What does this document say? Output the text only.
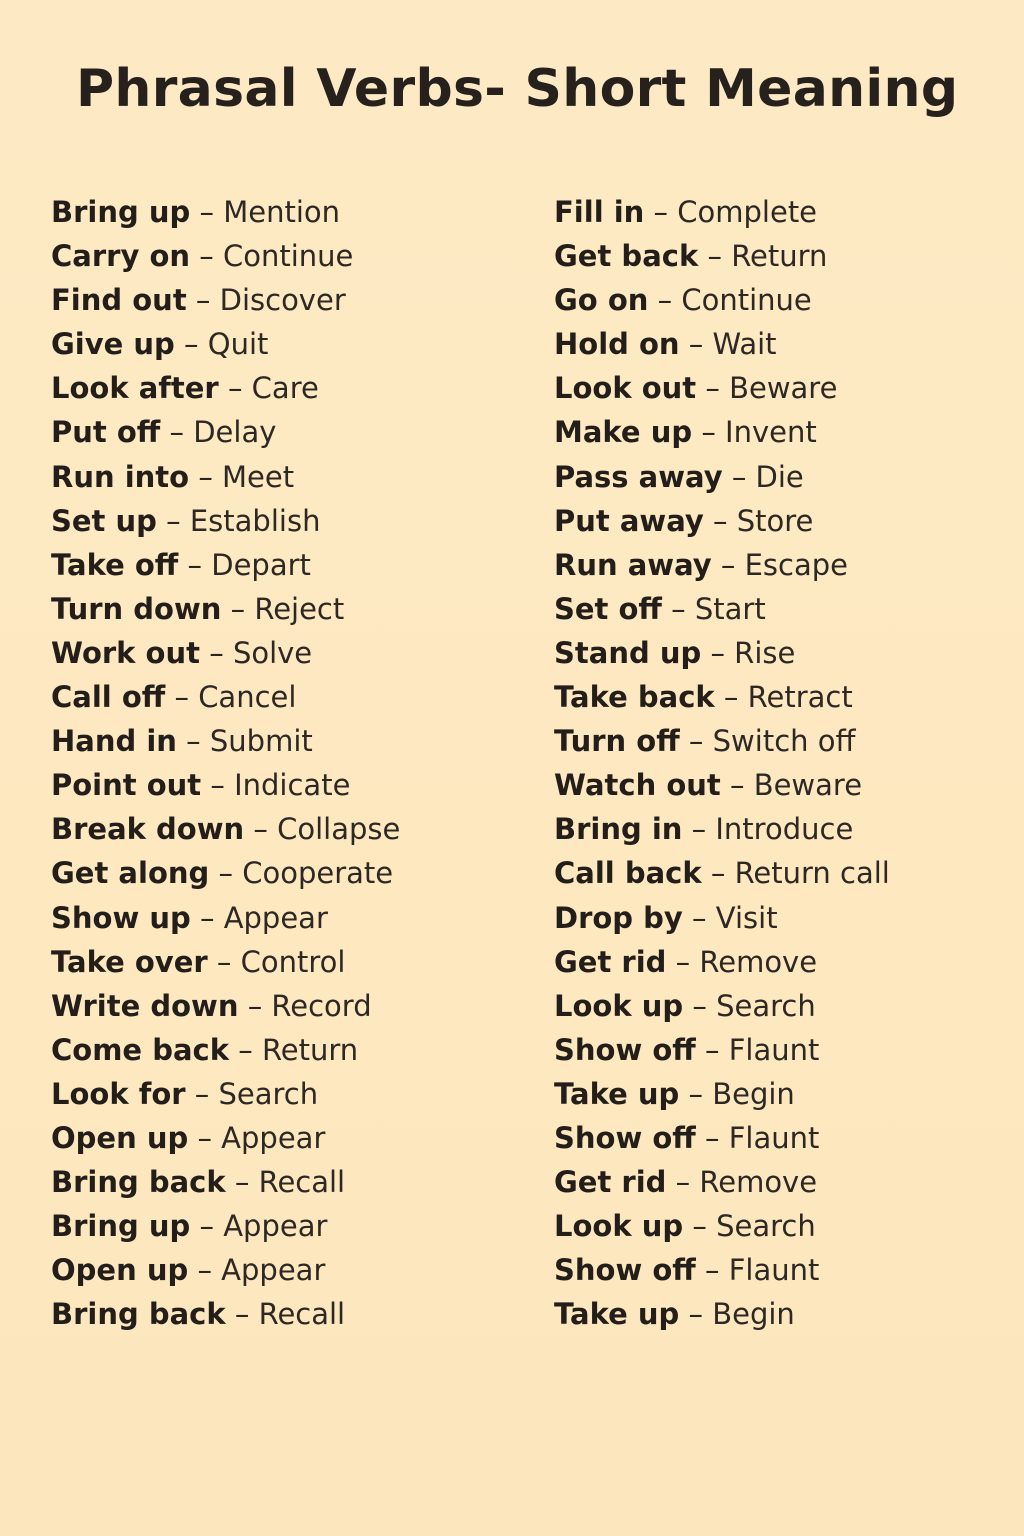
Phrasal Verbs- Short Meaning
Bring up – Mention
Carry on – Continue
Find out – Discover
Give up – Quit
Look after – Care
Put off – Delay
Run into – Meet
Set up – Establish
Take off – Depart
Turn down – Reject
Work out – Solve
Call off – Cancel
Hand in – Submit
Point out – Indicate
Break down – Collapse
Get along – Cooperate
Show up – Appear
Take over – Control
Write down – Record
Come back – Return
Look for – Search
Open up – Appear
Bring back – Recall
Bring up – Appear
Open up – Appear
Bring back – Recall
Fill in – Complete
Get back – Return
Go on – Continue
Hold on – Wait
Look out – Beware
Make up – Invent
Pass away – Die
Put away – Store
Run away – Escape
Set off – Start
Stand up – Rise
Take back – Retract
Turn off – Switch off
Watch out – Beware
Bring in – Introduce
Call back – Return call
Drop by – Visit
Get rid – Remove
Look up – Search
Show off – Flaunt
Take up – Begin
Show off – Flaunt
Get rid – Remove
Look up – Search
Show off – Flaunt
Take up – Begin
